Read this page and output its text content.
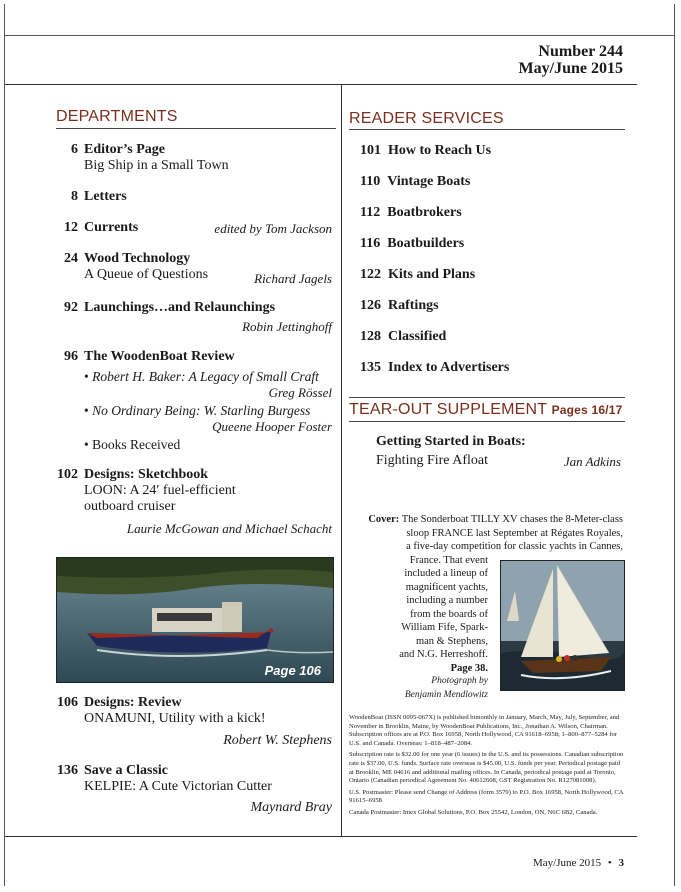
Number 244
May/June 2015
DEPARTMENTS
6 Editor’s Page
Big Ship in a Small Town
8 Letters
12 Currents	edited by Tom Jackson
24 Wood Technology
A Queue of Questions	Richard Jagels
92 Launchings…and Relaunchings
Robin Jettinghoff
96 The WoodenBoat Review
• Robert H. Baker: A Legacy of Small Craft
Greg Rössel
• No Ordinary Being: W. Starling Burgess
Queene Hooper Foster
• Books Received
102 Designs: Sketchbook
LOON: A 24′ fuel-efficient
outboard cruiser
Laurie McGowan and Michael Schacht
Page 106
106 Designs: Review
ONAMUNI, Utility with a kick!
Robert W. Stephens
136 Save a Classic
KELPIE: A Cute Victorian Cutter
Maynard Bray
READER SERVICES
101 How to Reach Us
110 Vintage Boats
112 Boatbrokers
116 Boatbuilders
122 Kits and Plans
126 Raftings
128 Classified
135 Index to Advertisers
TEAR-OUT SUPPLEMENT Pages 16/17
Getting Started in Boats:
Fighting Fire Afloat	Jan Adkins
Cover: The Sonderboat TILLY XV chases the 8-Meter-class
sloop FRANCE last September at Régates Royales,
a five-day competition for classic yachts in Cannes,
France. That event
included a lineup of
magnificent yachts,
including a number
from the boards of
William Fife, Spark-
man & Stephens,
and N.G. Herreshoff.
Page 38.
Photograph by
Benjamin Mendlowitz

WoodenBoat (ISSN 0095-067X) is published bimonthly in January, March, May, July, September, and November in Brooklin, Maine, by WoodenBoat Publications, Inc., Jonathan A. Wilson, Chairman. Subscription offices are at P.O. Box 16958, North Hollywood, CA 91618–6958; 1–800–877–5284 for U.S. and Canada. Overseas: 1–818–487–2084.

Subscription rate is $32.00 for one year (6 issues) in the U.S. and its possessions. Canadian subscription rate is $37.00, U.S. funds. Surface rate overseas is $45.00, U.S. funds per year. Periodical postage paid at Brooklin, ME 04616 and additional mailing offices. In Canada, periodical postage paid at Toronto, Ontario (Canadian periodical Agreement No. 40612608, GST Registration No. R127081008).

U.S. Postmaster: Please send Change of Address (form 3579) to P.O. Box 16958, North Hollywood, CA 91615–6958

Canada Postmaster: Imex Global Solutions, P.O. Box 25542, London, ON, N6C 6B2, Canada.

May/June 2015 • 3
